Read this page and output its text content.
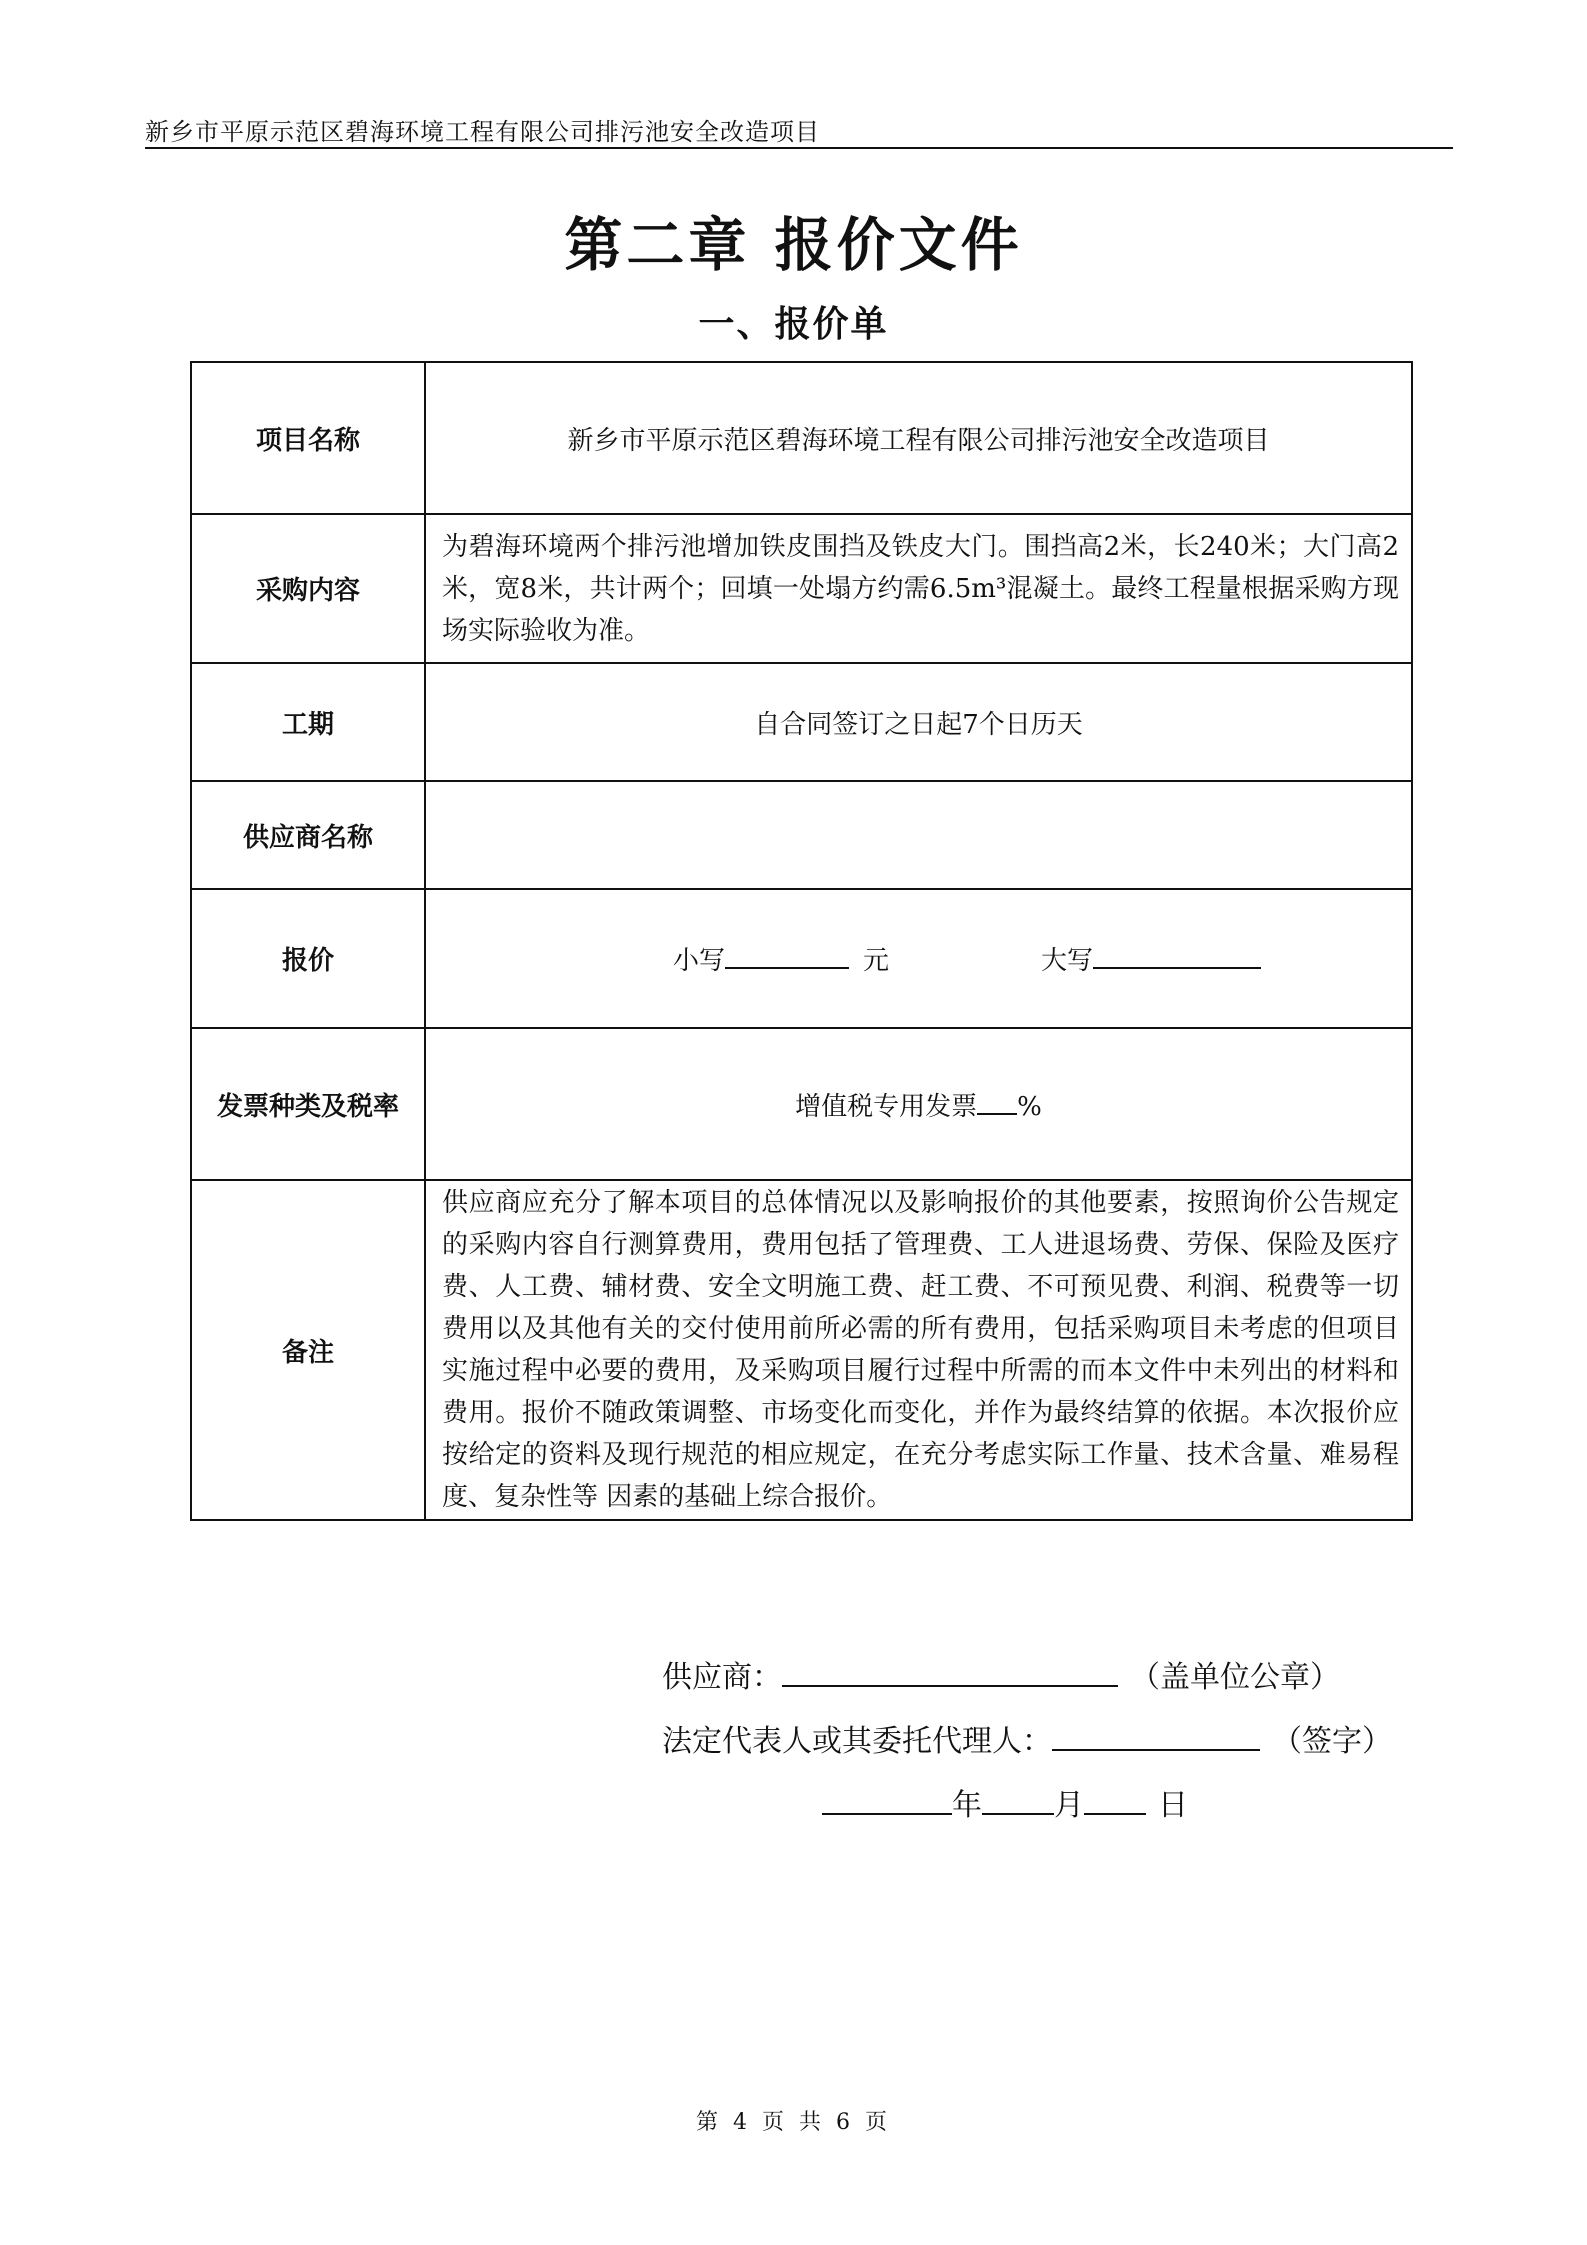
新乡市平原示范区碧海环境工程有限公司排污池安全改造项目
第二章 报价文件
一、报价单
项目名称	新乡市平原示范区碧海环境工程有限公司排污池安全改造项目
采购内容	为碧海环境两个排污池增加铁皮围挡及铁皮大门。围挡高2米，长240米；大门高2米，宽8米，共计两个；回填一处塌方约需6.5m³混凝土。最终工程量根据采购方现场实际验收为准。
工期	自合同签订之日起7个日历天
供应商名称	
报价	小写 元 大写

发票种类及税率	增值税专用发票 %
备注	供应商应充分了解本项目的总体情况以及影响报价的其他要素，按照询价公告规定的采购内容自行测算费用，费用包括了管理费、工人进退场费、劳保、保险及医疗费、人工费、辅材费、安全文明施工费、赶工费、不可预见费、利润、税费等一切费用以及其他有关的交付使用前所必需的所有费用，包括采购项目未考虑的但项目实施过程中必要的费用，及采购项目履行过程中所需的而本文件中未列出的材料和费用。报价不随政策调整、市场变化而变化，并作为最终结算的依据。本次报价应按给定的资料及现行规范的相应规定，在充分考虑实际工作量、技术含量、难易程度、复杂性等 因素的基础上综合报价。
供应商：	（盖单位公章）
法定代表人或其委托代理人：	（签字）
年 月 日
第 4 页 共 6 页
